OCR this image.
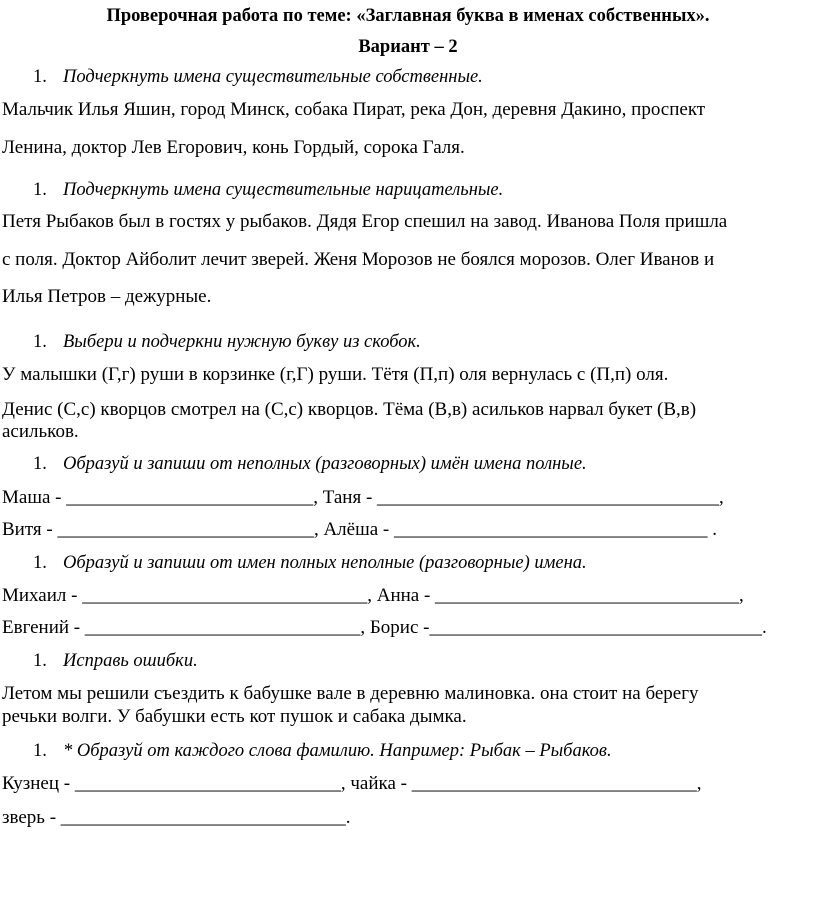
Проверочная работа по теме: «Заглавная буква в именах собственных».
Вариант – 2
1. Подчеркнуть имена существительные собственные.
Мальчик Илья Яшин, город Минск, собака Пират, река Дон, деревня Дакино, проспект
Ленина, доктор Лев Егорович, конь Гордый, сорока Галя.
1. Подчеркнуть имена существительные нарицательные.
Петя Рыбаков был в гостях у рыбаков. Дядя Егор спешил на завод. Иванова Поля пришла
с поля. Доктор Айболит лечит зверей. Женя Морозов не боялся морозов. Олег Иванов и
Илья Петров – дежурные.
1. Выбери и подчеркни нужную букву из скобок.
У малышки (Г,г) руши в корзинке (г,Г) руши. Тётя (П,п) оля вернулась с (П,п) оля.
Денис (С,с) кворцов смотрел на (С,с) кворцов. Тёма (В,в) асильков нарвал букет (В,в)
асильков.
1. Образуй и запиши от неполных (разговорных) имён имена полные.
Маша - __________________________, Таня - ____________________________________,
Витя - ___________________________, Алёша - _________________________________ .
1. Образуй и запиши от имен полных неполные (разговорные) имена.
Михаил - ______________________________, Анна - ________________________________,
Евгений - _____________________________, Борис -___________________________________.
1. Исправь ошибки.
Летом мы решили съездить к бабушке вале в деревню малиновка. она стоит на берегу
речьки волги. У бабушки есть кот пушок и сабака дымка.
1. * Образуй от каждого слова фамилию. Например: Рыбак – Рыбаков.
Кузнец - ____________________________, чайка - ______________________________,
зверь - ______________________________.
